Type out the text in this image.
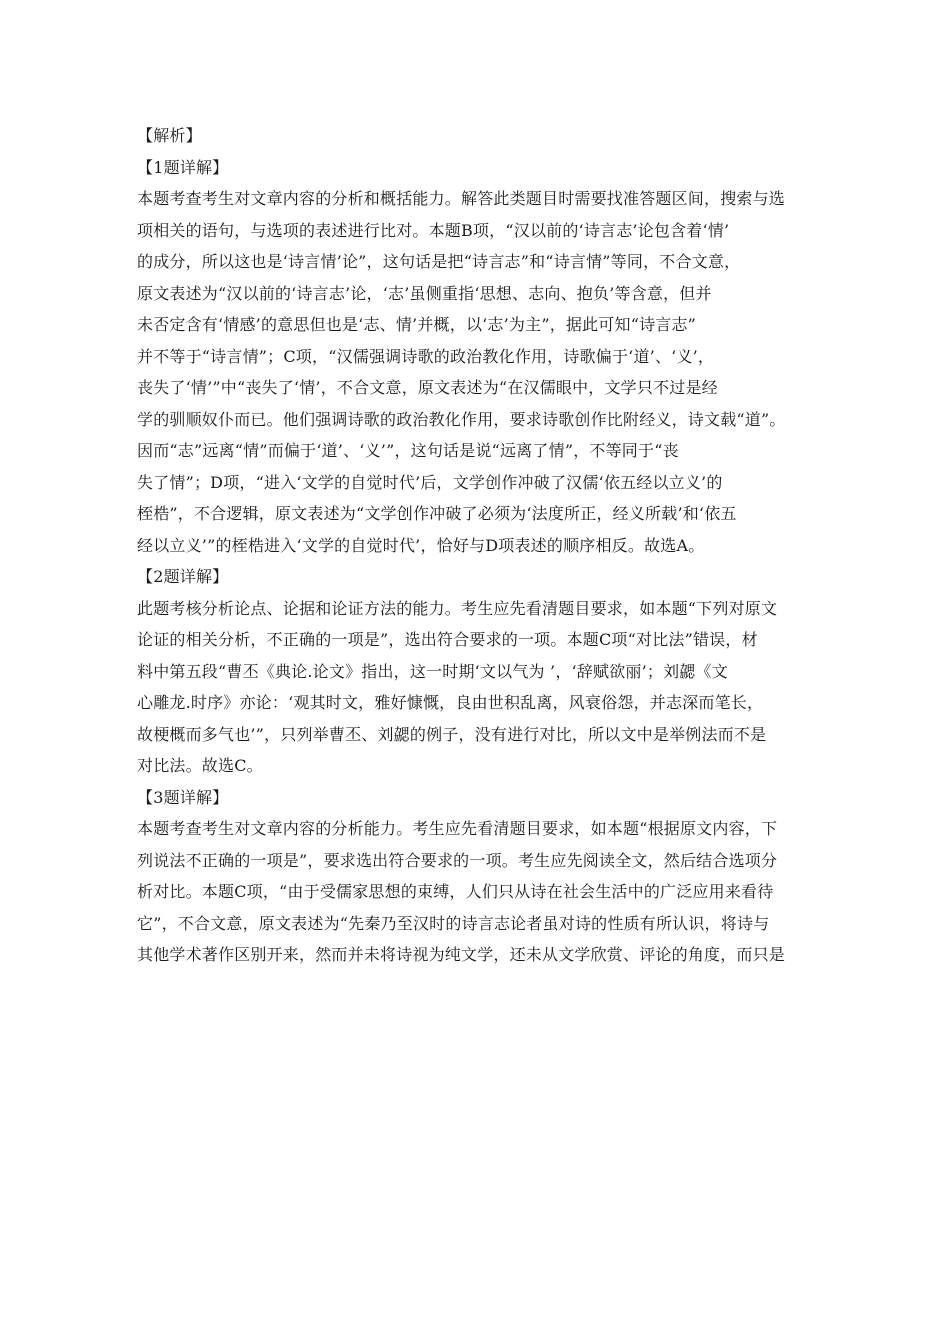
【解析】
【1题详解】
本题考查考生对文章内容的分析和概括能力。解答此类题目时需要找准答题区间，搜索与选
项相关的语句，与选项的表述进行比对。本题B项，“汉以前的‘诗言志’论包含着‘情’
的成分，所以这也是‘诗言情’论”，这句话是把“诗言志”和“诗言情”等同，不合文意，
原文表述为“汉以前的‘诗言志’论，‘志’虽侧重指‘思想、志向、抱负’等含意，但并
未否定含有‘情感’的意思但也是‘志、情’并概，以‘志’为主”，据此可知“诗言志”
并不等于“诗言情”；C项，“汉儒强调诗歌的政治教化作用，诗歌偏于‘道’、‘义’，
丧失了‘情’”中“丧失了‘情’，不合文意，原文表述为“在汉儒眼中，文学只不过是经
学的驯顺奴仆而已。他们强调诗歌的政治教化作用，要求诗歌创作比附经义，诗文载“道”。
因而“志”远离“情”而偏于‘道’、‘义’”，这句话是说“远离了情”，不等同于“丧
失了情”；D项，“进入‘文学的自觉时代’后，文学创作冲破了汉儒‘依五经以立义’的
桎梏”，不合逻辑，原文表述为“文学创作冲破了必须为‘法度所正，经义所载’和‘依五
经以立义’”的桎梏进入‘文学的自觉时代’，恰好与D项表述的顺序相反。故选A。
【2题详解】
此题考核分析论点、论据和论证方法的能力。考生应先看清题目要求，如本题“下列对原文
论证的相关分析，不正确的一项是”，选出符合要求的一项。本题C项“对比法”错误，材
料中第五段“曹丕《典论.论文》指出，这一时期‘文以气为 ’，‘辞赋欲丽’；刘勰《文
心雕龙.时序》亦论：‘观其时文，雅好慷慨，良由世积乱离，风衰俗怨，并志深而笔长，
故梗概而多气也’”，只列举曹丕、刘勰的例子，没有进行对比，所以文中是举例法而不是
对比法。故选C。
【3题详解】
本题考查考生对文章内容的分析能力。考生应先看清题目要求，如本题“根据原文内容，下
列说法不正确的一项是”，要求选出符合要求的一项。考生应先阅读全文，然后结合选项分
析对比。本题C项，“由于受儒家思想的束缚，人们只从诗在社会生活中的广泛应用来看待
它”，不合文意，原文表述为“先秦乃至汉时的诗言志论者虽对诗的性质有所认识，将诗与
其他学术著作区别开来，然而并未将诗视为纯文学，还未从文学欣赏、评论的角度，而只是
